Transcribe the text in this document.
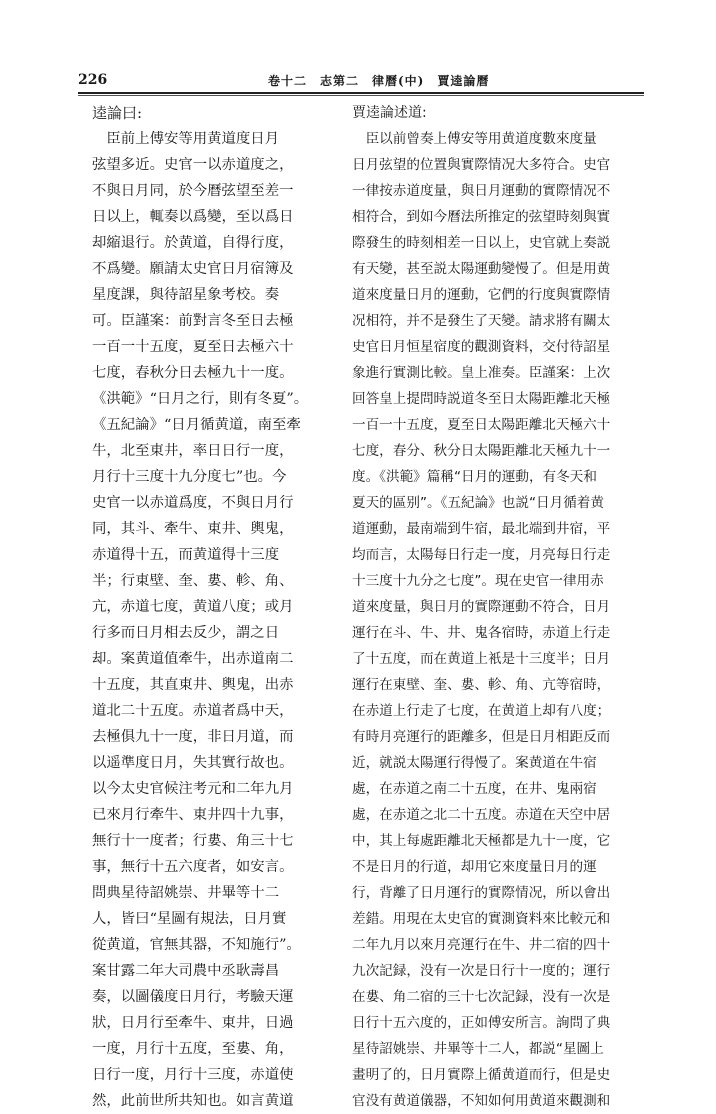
226	卷十二　志第二　律曆(中)　賈逵論曆
逵論曰:
　臣前上傅安等用黄道度日月
弦望多近。史官一以赤道度之，
不與日月同，於今曆弦望至差一
日以上，輒奏以爲變，至以爲日
却縮退行。於黄道，自得行度，
不爲變。願請太史官日月宿簿及
星度課，與待詔星象考校。奏
可。臣謹案：前對言冬至日去極
一百一十五度，夏至日去極六十
七度，春秋分日去極九十一度。
《洪範》“日月之行，則有冬夏”。
《五紀論》“日月循黄道，南至牽
牛，北至東井，率日日行一度，
月行十三度十九分度七”也。今
史官一以赤道爲度，不與日月行
同，其斗、牽牛、東井、輿鬼，
赤道得十五，而黄道得十三度
半；行東壁、奎、婁、軫、角、
亢，赤道七度，黄道八度；或月
行多而日月相去反少，謂之日
却。案黄道值牽牛，出赤道南二
十五度，其直東井、輿鬼，出赤
道北二十五度。赤道者爲中天，
去極俱九十一度，非日月道，而
以遥準度日月，失其實行故也。
以今太史官候注考元和二年九月
已來月行牽牛、東井四十九事，
無行十一度者；行婁、角三十七
事，無行十五六度者，如安言。
問典星待詔姚崇、井畢等十二
人，皆曰“星圖有規法，日月實
從黄道，官無其器，不知施行”。
案甘露二年大司農中丞耿壽昌
奏，以圖儀度日月行，考驗天運
狀，日月行至牽牛、東井，日過
一度，月行十五度，至婁、角，
日行一度，月行十三度，赤道使
然，此前世所共知也。如言黄道
賈逵論述道:
　臣以前曾奏上傅安等用黄道度數來度量
日月弦望的位置與實際情况大多符合。史官
一律按赤道度量，與日月運動的實際情况不
相符合，到如今曆法所推定的弦望時刻與實
際發生的時刻相差一日以上，史官就上奏説
有天變，甚至説太陽運動變慢了。但是用黄
道來度量日月的運動，它們的行度與實際情
况相符，并不是發生了天變。請求將有關太
史官日月恒星宿度的觀測資料，交付待詔星
象進行實測比較。皇上准奏。臣謹案：上次
回答皇上提問時説道冬至日太陽距離北天極
一百一十五度，夏至日太陽距離北天極六十
七度，春分、秋分日太陽距離北天極九十一
度。《洪範》篇稱“日月的運動，有冬天和
夏天的區别”。《五紀論》也説“日月循着黄
道運動，最南端到牛宿，最北端到井宿，平
均而言，太陽每日行走一度，月亮每日行走
十三度十九分之七度”。現在史官一律用赤
道來度量，與日月的實際運動不符合，日月
運行在斗、牛、井、鬼各宿時，赤道上行走
了十五度，而在黄道上衹是十三度半；日月
運行在東壁、奎、婁、軫、角、亢等宿時，
在赤道上行走了七度，在黄道上却有八度；
有時月亮運行的距離多，但是日月相距反而
近，就説太陽運行得慢了。案黄道在牛宿
處，在赤道之南二十五度，在井、鬼兩宿
處，在赤道之北二十五度。赤道在天空中居
中，其上每處距離北天極都是九十一度，它
不是日月的行道，却用它來度量日月的運
行，背離了日月運行的實際情况，所以會出
差錯。用現在太史官的實測資料來比較元和
二年九月以來月亮運行在牛、井二宿的四十
九次記録，没有一次是日行十一度的；運行
在婁、角二宿的三十七次記録，没有一次是
日行十五六度的，正如傅安所言。詢問了典
星待詔姚崇、井畢等十二人，都説“星圖上
畫明了的，日月實際上循黄道而行，但是史
官没有黄道儀器，不知如何用黄道來觀測和
